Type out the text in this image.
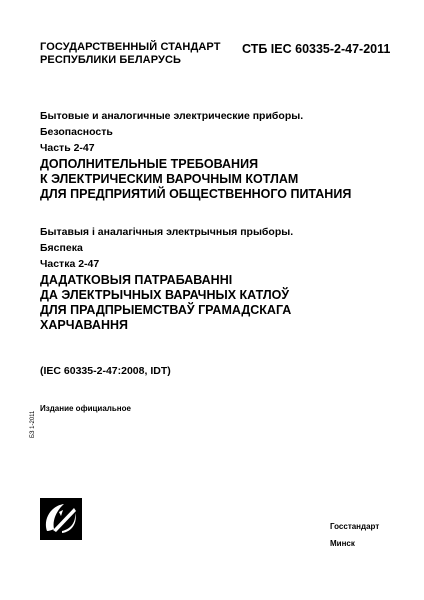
ГОСУДАРСТВЕННЫЙ СТАНДАРТ
РЕСПУБЛИКИ БЕЛАРУСЬ
СТБ IEC 60335-2-47-2011
Бытовые и аналогичные электрические приборы.
Безопасность
Часть 2-47
ДОПОЛНИТЕЛЬНЫЕ ТРЕБОВАНИЯ
К ЭЛЕКТРИЧЕСКИМ ВАРОЧНЫМ КОТЛАМ
ДЛЯ ПРЕДПРИЯТИЙ ОБЩЕСТВЕННОГО ПИТАНИЯ
Бытавыя і аналагічныя электрычныя прыборы.
Бяспека
Частка 2-47
ДАДАТКОВЫЯ ПАТРАБАВАННІ
ДА ЭЛЕКТРЫЧНЫХ ВАРАЧНЫХ КАТЛОЎ
ДЛЯ ПРАДПРЫЕМСТВАЎ ГРАМАДСКАГА
ХАРЧАВАННЯ
(IEC 60335-2-47:2008, IDT)
Издание официальное
БЗ 1-2011
Госстандарт
Минск
